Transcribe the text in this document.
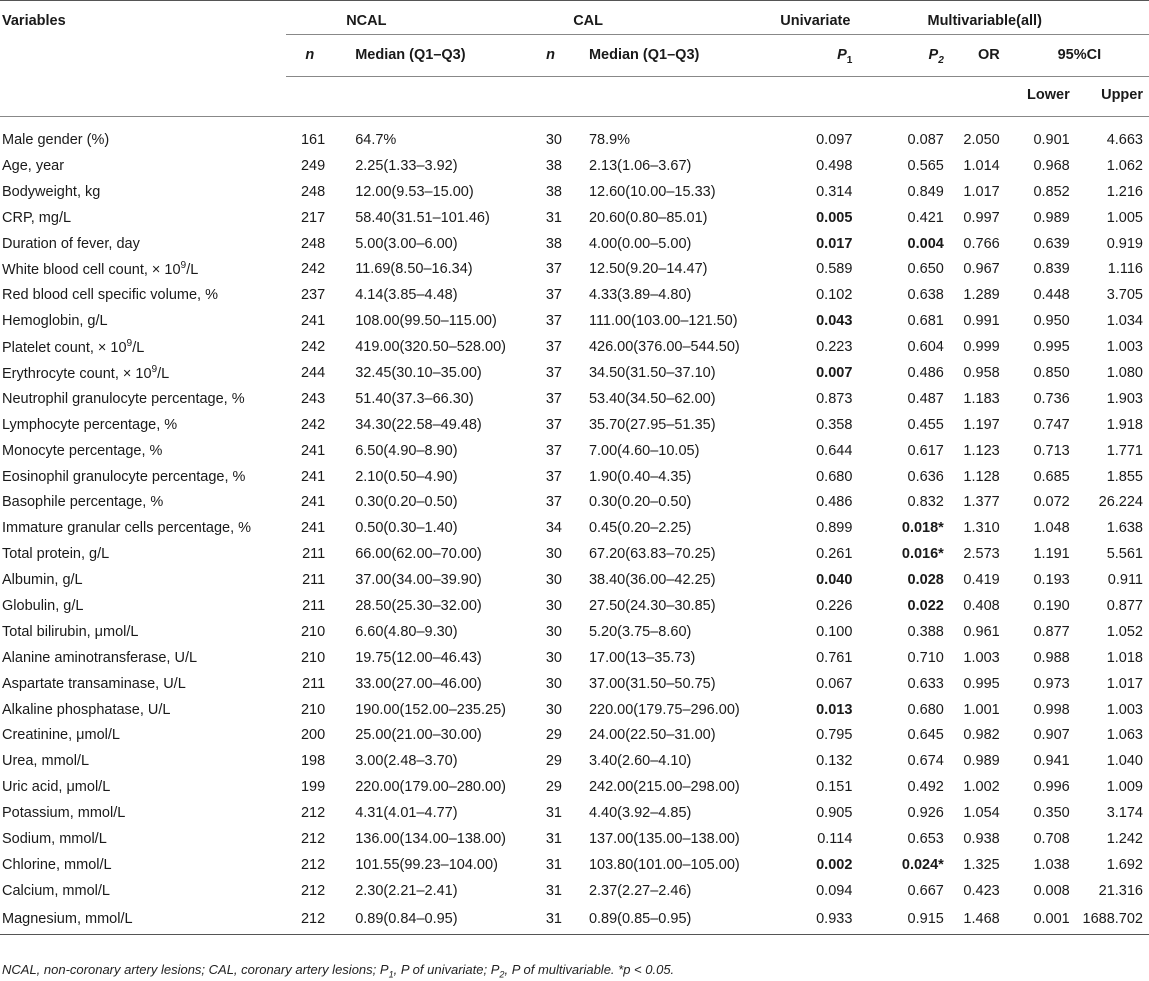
Variables	NCAL		CAL		Univariate	Multivariable(all)			
	n	Median (Q1–Q3)	n	Median (Q1–Q3)	$P_1$	$P_2$	OR	95%CI	
								Lower	Upper
Male gender (%)	161	64.7%	30	78.9%	0.097	0.087	2.050	0.901	4.663
Age, year	249	2.25(1.33–3.92)	38	2.13(1.06–3.67)	0.498	0.565	1.014	0.968	1.062
Bodyweight, kg	248	12.00(9.53–15.00)	38	12.60(10.00–15.33)	0.314	0.849	1.017	0.852	1.216
CRP, mg/L	217	58.40(31.51–101.46)	31	20.60(0.80–85.01)	0.005	0.421	0.997	0.989	1.005
Duration of fever, day	248	5.00(3.00–6.00)	38	4.00(0.00–5.00)	0.017	0.004	0.766	0.639	0.919
White blood cell count, × $10^9/L$	242	11.69(8.50–16.34)	37	12.50(9.20–14.47)	0.589	0.650	0.967	0.839	1.116
Red blood cell specific volume, %	237	4.14(3.85–4.48)	37	4.33(3.89–4.80)	0.102	0.638	1.289	0.448	3.705
Hemoglobin, g/L	241	108.00(99.50–115.00)	37	111.00(103.00–121.50)	0.043	0.681	0.991	0.950	1.034
Platelet count, × $10^9/L$	242	419.00(320.50–528.00)	37	426.00(376.00–544.50)	0.223	0.604	0.999	0.995	1.003
Erythrocyte count, × $10^9/L$	244	32.45(30.10–35.00)	37	34.50(31.50–37.10)	0.007	0.486	0.958	0.850	1.080
Neutrophil granulocyte percentage, %	243	51.40(37.3–66.30)	37	53.40(34.50–62.00)	0.873	0.487	1.183	0.736	1.903
Lymphocyte percentage, %	242	34.30(22.58–49.48)	37	35.70(27.95–51.35)	0.358	0.455	1.197	0.747	1.918
Monocyte percentage, %	241	6.50(4.90–8.90)	37	7.00(4.60–10.05)	0.644	0.617	1.123	0.713	1.771
Eosinophil granulocyte percentage, %	241	2.10(0.50–4.90)	37	1.90(0.40–4.35)	0.680	0.636	1.128	0.685	1.855
Basophile percentage, %	241	0.30(0.20–0.50)	37	0.30(0.20–0.50)	0.486	0.832	1.377	0.072	26.224
Immature granular cells percentage, %	241	0.50(0.30–1.40)	34	0.45(0.20–2.25)	0.899	0.018*	1.310	1.048	1.638
Total protein, g/L	211	66.00(62.00–70.00)	30	67.20(63.83–70.25)	0.261	0.016*	2.573	1.191	5.561
Albumin, g/L	211	37.00(34.00–39.90)	30	38.40(36.00–42.25)	0.040	0.028	0.419	0.193	0.911
Globulin, g/L	211	28.50(25.30–32.00)	30	27.50(24.30–30.85)	0.226	0.022	0.408	0.190	0.877
Total bilirubin, μmol/L	210	6.60(4.80–9.30)	30	5.20(3.75–8.60)	0.100	0.388	0.961	0.877	1.052
Alanine aminotransferase, U/L	210	19.75(12.00–46.43)	30	17.00(13–35.73)	0.761	0.710	1.003	0.988	1.018
Aspartate transaminase, U/L	211	33.00(27.00–46.00)	30	37.00(31.50–50.75)	0.067	0.633	0.995	0.973	1.017
Alkaline phosphatase, U/L	210	190.00(152.00–235.25)	30	220.00(179.75–296.00)	0.013	0.680	1.001	0.998	1.003
Creatinine, μmol/L	200	25.00(21.00–30.00)	29	24.00(22.50–31.00)	0.795	0.645	0.982	0.907	1.063
Urea, mmol/L	198	3.00(2.48–3.70)	29	3.40(2.60–4.10)	0.132	0.674	0.989	0.941	1.040
Uric acid, μmol/L	199	220.00(179.00–280.00)	29	242.00(215.00–298.00)	0.151	0.492	1.002	0.996	1.009
Potassium, mmol/L	212	4.31(4.01–4.77)	31	4.40(3.92–4.85)	0.905	0.926	1.054	0.350	3.174
Sodium, mmol/L	212	136.00(134.00–138.00)	31	137.00(135.00–138.00)	0.114	0.653	0.938	0.708	1.242
Chlorine, mmol/L	212	101.55(99.23–104.00)	31	103.80(101.00–105.00)	0.002	0.024*	1.325	1.038	1.692
Calcium, mmol/L	212	2.30(2.21–2.41)	31	2.37(2.27–2.46)	0.094	0.667	0.423	0.008	21.316
Magnesium, mmol/L	212	0.89(0.84–0.95)	31	0.89(0.85–0.95)	0.933	0.915	1.468	0.001	1688.702
NCAL, non-coronary artery lesions; CAL, coronary artery lesions; $P_1$, P of univariate; $P_2$, P of multivariable. *p < 0.05.
